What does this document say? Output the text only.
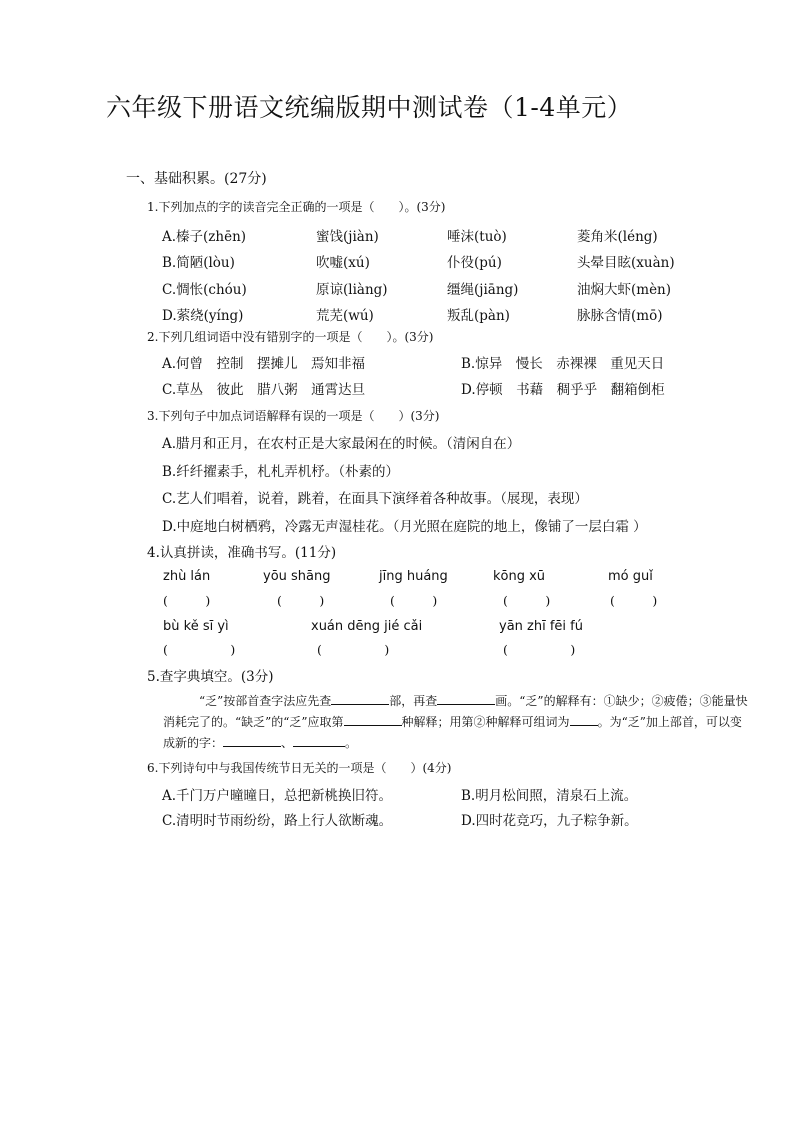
六年级下册语文统编版期中测试卷（1-4单元）
一、基础积累。(27分)
1.下列加点的字的读音完全正确的一项是（　　）。(3分)
A.榛子(zhēn)	蜜饯(jiàn)	唾沫(tuò)	菱角米(léng)
B.简陋(lòu)	吹嘘(xú)	仆役(pú)	头晕目眩(xuàn)
C.惆怅(chóu)	原谅(liàng)	缰绳(jiāng)	油焖大虾(mèn)
D.萦绕(yíng)	荒芜(wú)	叛乱(pàn)	脉脉含情(mō)
2.下列几组词语中没有错别字的一项是（　　）。(3分)
A.何曾　控制　摆摊儿　焉知非福	B.惊异　慢长　赤裸裸　重见天日
C.草丛　彼此　腊八粥　通霄达旦	D.停顿　书藉　稠乎乎　翻箱倒柜
3.下列句子中加点词语解释有误的一项是（　　）(3分)
A.腊月和正月，在农村正是大家最闲在的时候。（清闲自在）
B.纤纤擢素手，札札弄机杼。（朴素的）
C.艺人们唱着，说着，跳着，在面具下演绎着各种故事。（展现，表现）
D.中庭地白树栖鸦，冷露无声湿桂花。（月光照在庭院的地上，像铺了一层白霜 ）
4.认真拼读，准确书写。(11分)
zhù lán	yōu shāng	jīng huáng	kōng xū	mó guǐ
(　　　)	(　　　)	(　　　)	(　　　)	(　　　)
bù kě sī yì	xuán dēng jié cǎi	yān zhī fēi fú
(　　　　　)	(　　　　　)	(　　　　　)
5.查字典填空。(3分)
“乏”按部首查字法应先查	部，再查	画。“乏”的解释有：①缺少；②疲倦；③能量快消耗完了的。“缺乏”的“乏”应取第	种解释；用第②种解释可组词为 。为“乏”加上部首，可以变成新的字：	、	。
6.下列诗句中与我国传统节日无关的一项是（　　）(4分)
A.千门万户曈曈日，总把新桃换旧符。	B.明月松间照，清泉石上流。
C.清明时节雨纷纷，路上行人欲断魂。	D.四时花竞巧，九子粽争新。
